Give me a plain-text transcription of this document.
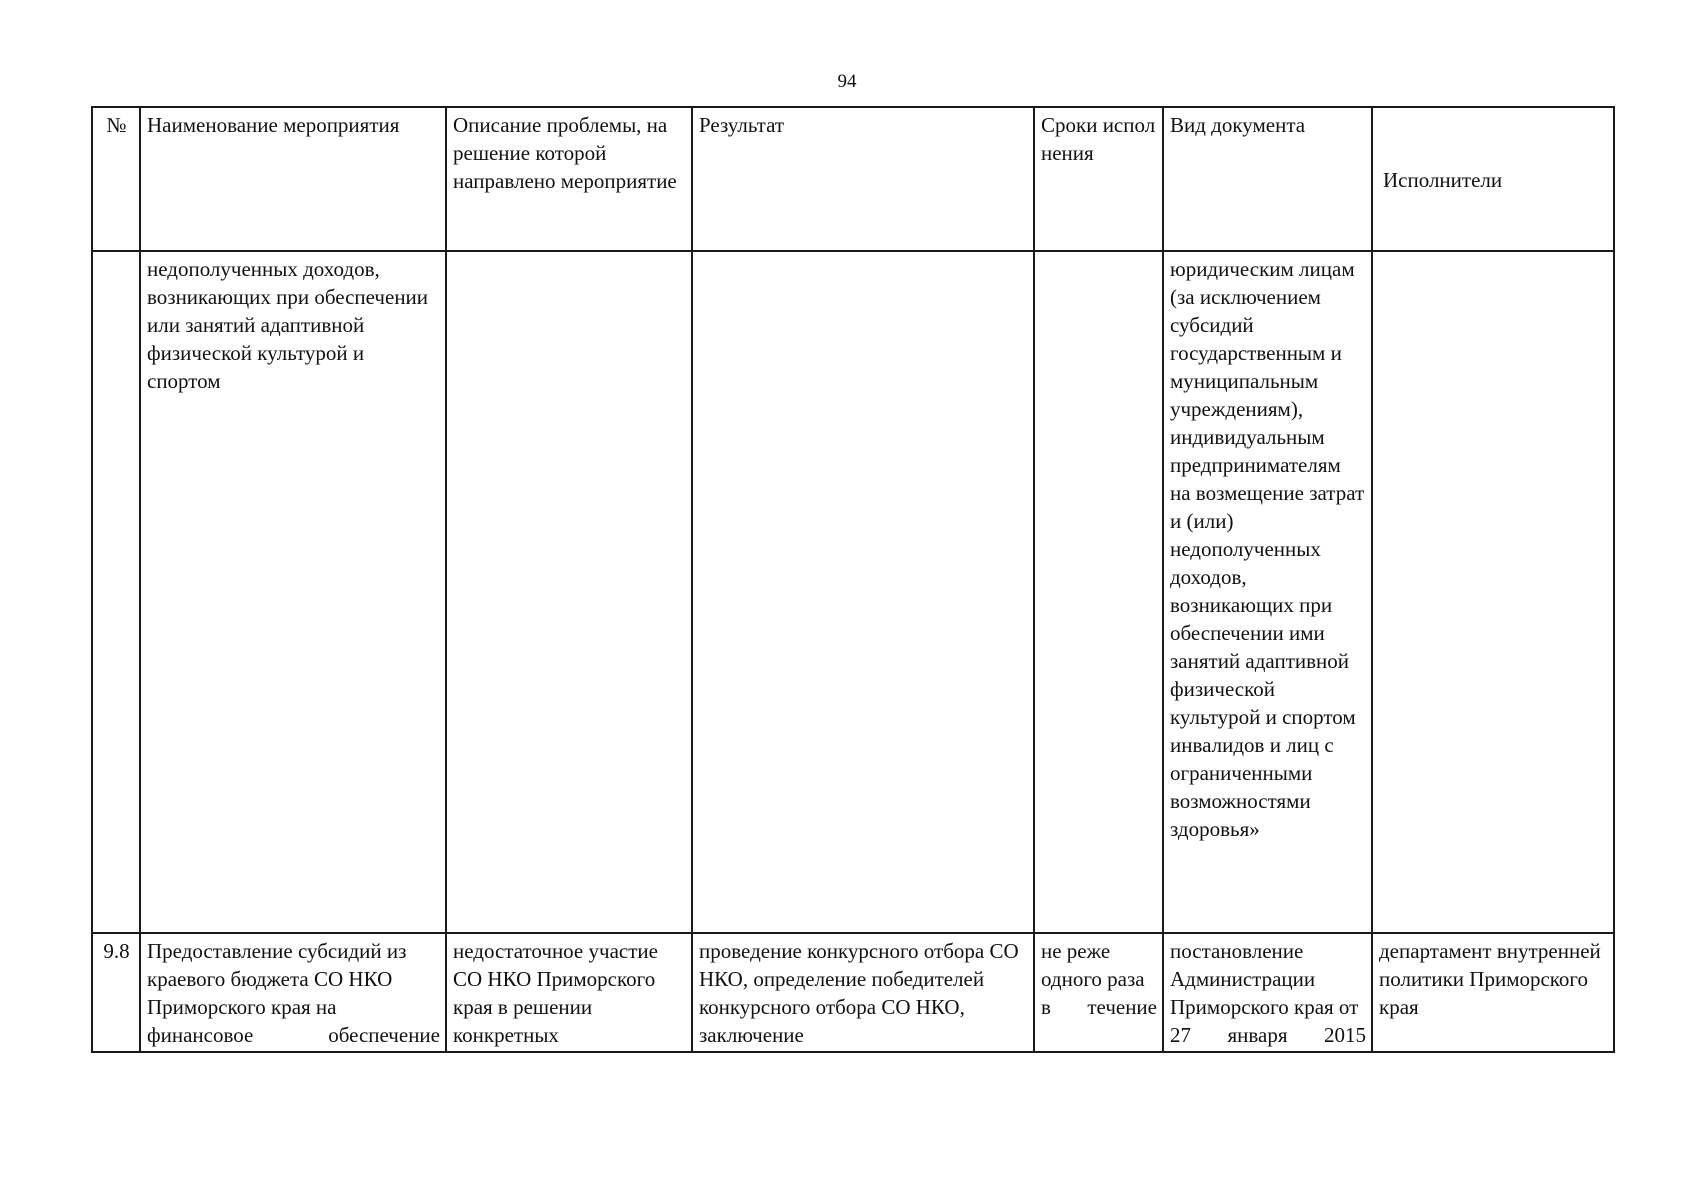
94
№	Наименование мероприятия	Описание проблемы, на решение которой направлено мероприятие	Результат	Сроки исполнения	Вид документа	Исполнители
	недополученных доходов, возникающих при обеспечении или занятий адаптивной физической культурой и спортом				юридическим лицам (за исключением субсидий государственным и муниципальным учреждениям), индивидуальным предпринимателям на возмещение затрат и (или) недополученных доходов, возникающих при обеспечении ими занятий адаптивной физической культурой и спортом инвалидов и лиц с ограниченными возможностями здоровья»	
9.8	Предоставление субсидий из краевого бюджета СО НКО Приморского края на финансовое обеспечение	недостаточное участие СО НКО Приморского края в решении конкретных	проведение конкурсного отбора СО НКО, определение победителей конкурсного отбора СО НКО, заключение	не реже одного раза в течение	постановление Администрации Приморского края от 27 января 2015	департамент внутренней политики Приморского края
